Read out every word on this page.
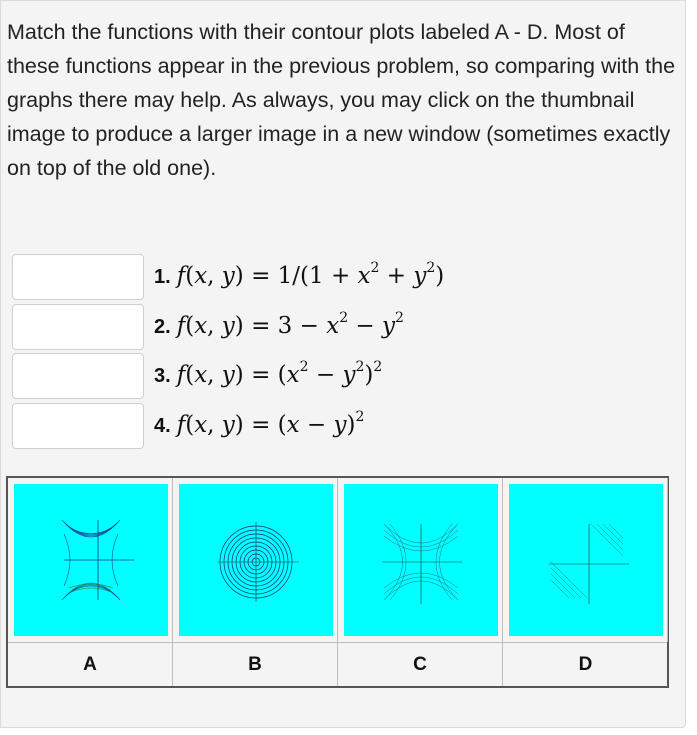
Match the functions with their contour plots labeled A - D. Most of these functions appear in the previous problem, so comparing with the graphs there may help. As always, you may click on the thumbnail image to produce a larger image in a new window (sometimes exactly on top of the old one).
1. f(x, $y) = 1/(1 + x^2 + y^2)$
2. f(x, $y) = 3 - x^2 - y^2$
3. f(x, $y) = (x^2 - y^2)^2$
4. f(x, $y) = (x - y)^2$
A	B	C	D
